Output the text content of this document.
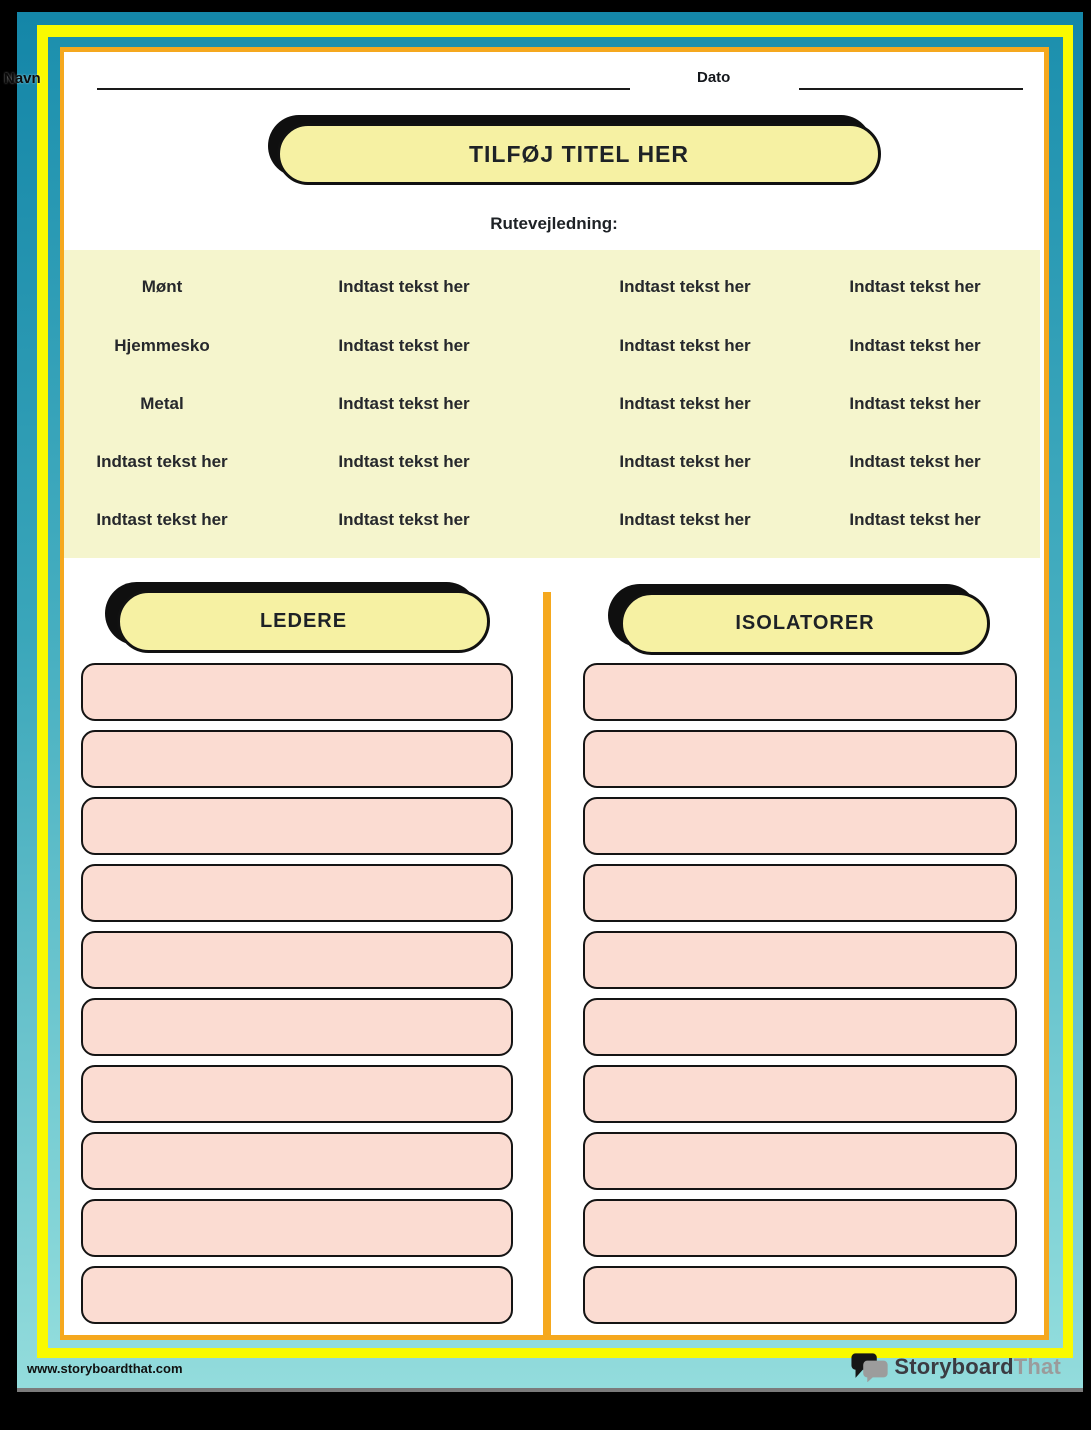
Dato
TILFØJ TITEL HER
Rutevejledning:
Mønt
Hjemmesko
Metal
Indtast tekst her
Indtast tekst her
Indtast tekst her
Indtast tekst her
Indtast tekst her
Indtast tekst her
Indtast tekst her
Indtast tekst her
Indtast tekst her
Indtast tekst her
Indtast tekst her
Indtast tekst her
Indtast tekst her
Indtast tekst her
Indtast tekst her
Indtast tekst her
Indtast tekst her
LEDERE	ISOLATORER
Navn
www.storyboardthat.com	StoryboardThat
